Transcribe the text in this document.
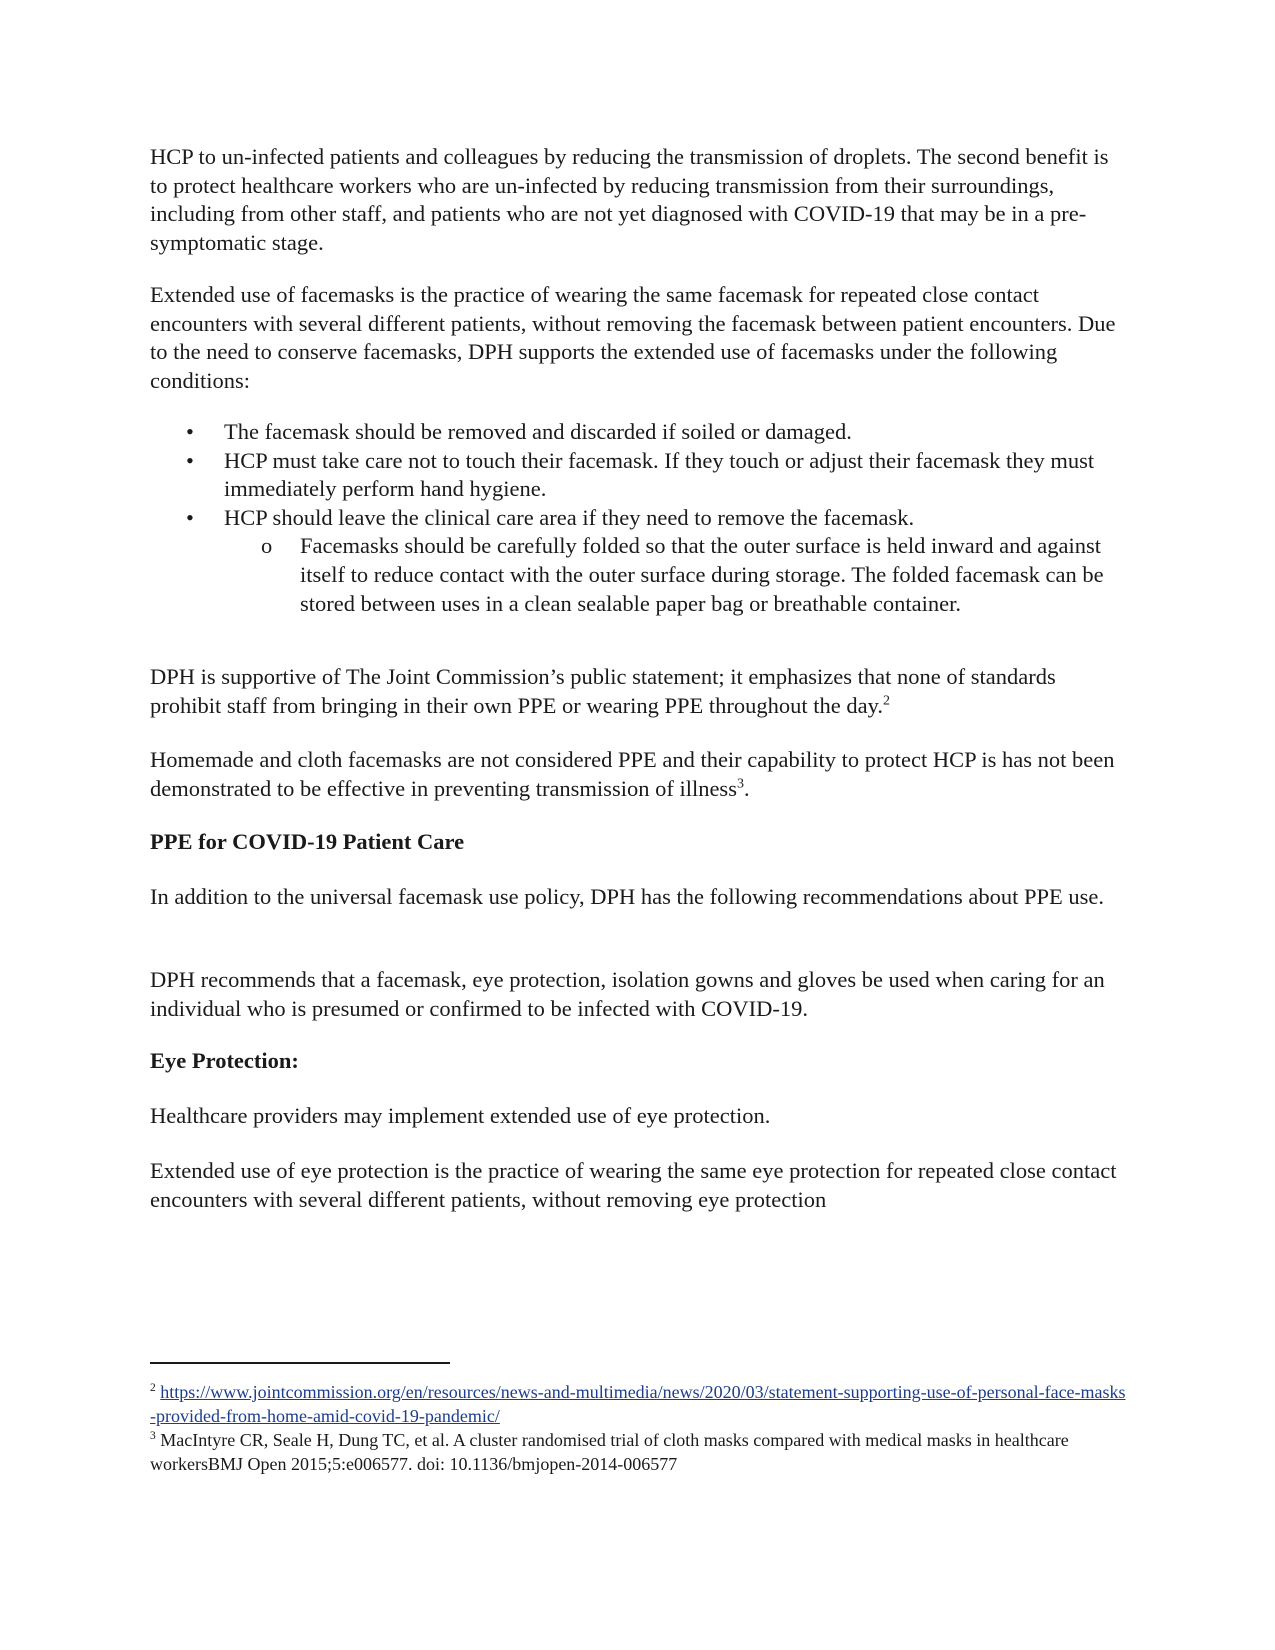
HCP to un-infected patients and colleagues by reducing the transmission of droplets. The second benefit is to protect healthcare workers who are un-infected by reducing transmission from their surroundings, including from other staff, and patients who are not yet diagnosed with COVID-19 that may be in a pre-symptomatic stage.

Extended use of facemasks is the practice of wearing the same facemask for repeated close contact encounters with several different patients, without removing the facemask between patient encounters. Due to the need to conserve facemasks, DPH supports the extended use of facemasks under the following conditions:

• The facemask should be removed and discarded if soiled or damaged.
• HCP must take care not to touch their facemask. If they touch or adjust their facemask they must immediately perform hand hygiene.
• HCP should leave the clinical care area if they need to remove the facemask.
o Facemasks should be carefully folded so that the outer surface is held inward and against itself to reduce contact with the outer surface during storage. The folded facemask can be stored between uses in a clean sealable paper bag or breathable container.

DPH is supportive of The Joint Commission’s public statement; it emphasizes that none of standards prohibit staff from bringing in their own PPE or wearing PPE throughout the day.$^2$

Homemade and cloth facemasks are not considered PPE and their capability to protect HCP is has not been demonstrated to be effective in preventing transmission of illness$^3$.

PPE for COVID-19 Patient Care

In addition to the universal facemask use policy, DPH has the following recommendations about PPE use.

DPH recommends that a facemask, eye protection, isolation gowns and gloves be used when caring for an individual who is presumed or confirmed to be infected with COVID-19.

Eye Protection:

Healthcare providers may implement extended use of eye protection.

Extended use of eye protection is the practice of wearing the same eye protection for repeated close contact encounters with several different patients, without removing eye protection

$^2$ https://www.jointcommission.org/en/resources/news-and-multimedia/news/2020/03/statement-supporting-use-of-personal-face-masks-provided-from-home-amid-covid-19-pandemic/

$^3$ MacIntyre CR, Seale H, Dung TC, et al. A cluster randomised trial of cloth masks compared with medical masks in healthcare workersBMJ Open 2015;5:e006577. doi: 10.1136/bmjopen-2014-006577
